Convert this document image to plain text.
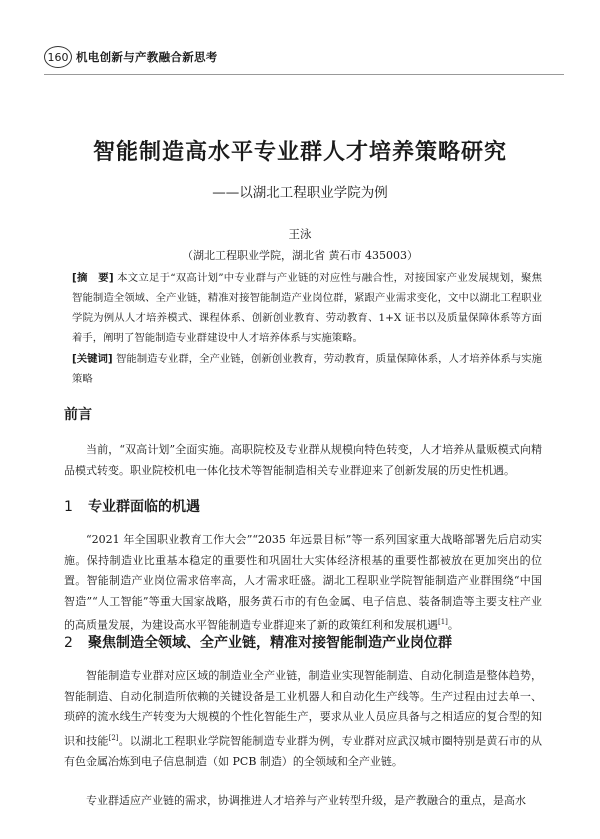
160 机电创新与产教融合新思考
智能制造高水平专业群人才培养策略研究
——以湖北工程职业学院为例
王泳
（湖北工程职业学院，湖北省 黄石市 435003）
[摘　要] 本文立足于“双高计划”中专业群与产业链的对应性与融合性，对接国家产业发展规划，聚焦智能制造全领域、全产业链，精准对接智能制造产业岗位群，紧跟产业需求变化，文中以湖北工程职业学院为例从人才培养模式、课程体系、创新创业教育、劳动教育、1+X 证书以及质量保障体系等方面着手，阐明了智能制造专业群建设中人才培养体系与实施策略。
[关键词] 智能制造专业群，全产业链，创新创业教育，劳动教育，质量保障体系，人才培养体系与实施策略
前言
当前，“双高计划”全面实施。高职院校及专业群从规模向特色转变，人才培养从量贩模式向精品模式转变。职业院校机电一体化技术等智能制造相关专业群迎来了创新发展的历史性机遇。
1 专业群面临的机遇
“2021 年全国职业教育工作大会”“2035 年远景目标”等一系列国家重大战略部署先后启动实施。保持制造业比重基本稳定的重要性和巩固壮大实体经济根基的重要性都被放在更加突出的位置。智能制造产业岗位需求倍率高，人才需求旺盛。湖北工程职业学院智能制造产业群围绕“中国智造”“人工智能”等重大国家战略，服务黄石市的有色金属、电子信息、装备制造等主要支柱产业的高质量发展，为建设高水平智能制造专业群迎来了新的政策红利和发展机遇[1]。
2 聚焦制造全领域、全产业链，精准对接智能制造产业岗位群
智能制造专业群对应区域的制造业全产业链，制造业实现智能制造、自动化制造是整体趋势，智能制造、自动化制造所依赖的关键设备是工业机器人和自动化生产线等。生产过程由过去单一、琐碎的流水线生产转变为大规模的个性化智能生产，要求从业人员应具备与之相适应的复合型的知识和技能[2]。以湖北工程职业学院智能制造专业群为例，专业群对应武汉城市圈特别是黄石市的从有色金属冶炼到电子信息制造（如 PCB 制造）的全领域和全产业链。
专业群适应产业链的需求，协调推进人才培养与产业转型升级，是产教融合的重点，是高水
